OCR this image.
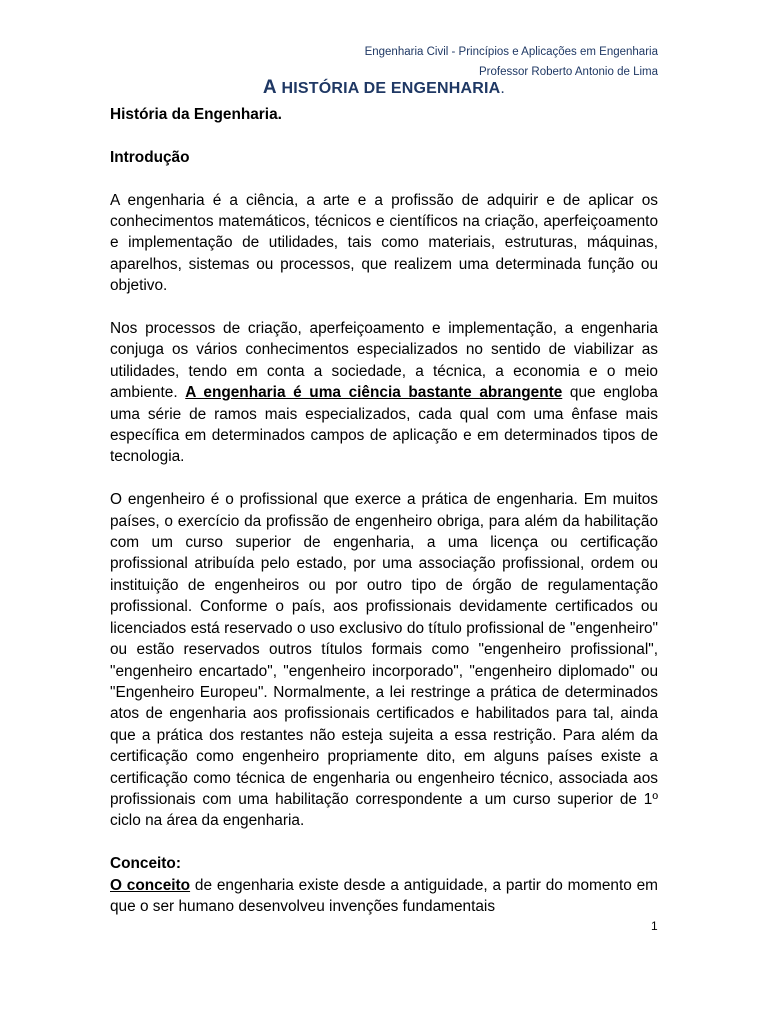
Engenharia Civil - Princípios e Aplicações em Engenharia
Professor Roberto Antonio de Lima
A HISTÓRIA DE ENGENHARIA.

História da Engenharia.

Introdução

A engenharia é a ciência, a arte e a profissão de adquirir e de aplicar os conhecimentos matemáticos, técnicos e científicos na criação, aperfeiçoamento e implementação de utilidades, tais como materiais, estruturas, máquinas, aparelhos, sistemas ou processos, que realizem uma determinada função ou objetivo.

Nos processos de criação, aperfeiçoamento e implementação, a engenharia conjuga os vários conhecimentos especializados no sentido de viabilizar as utilidades, tendo em conta a sociedade, a técnica, a economia e o meio ambiente. A engenharia é uma ciência bastante abrangente que engloba uma série de ramos mais especializados, cada qual com uma ênfase mais específica em determinados campos de aplicação e em determinados tipos de tecnologia.

O engenheiro é o profissional que exerce a prática de engenharia. Em muitos países, o exercício da profissão de engenheiro obriga, para além da habilitação com um curso superior de engenharia, a uma licença ou certificação profissional atribuída pelo estado, por uma associação profissional, ordem ou instituição de engenheiros ou por outro tipo de órgão de regulamentação profissional. Conforme o país, aos profissionais devidamente certificados ou licenciados está reservado o uso exclusivo do título profissional de "engenheiro" ou estão reservados outros títulos formais como "engenheiro profissional", "engenheiro encartado", "engenheiro incorporado", "engenheiro diplomado" ou "Engenheiro Europeu". Normalmente, a lei restringe a prática de determinados atos de engenharia aos profissionais certificados e habilitados para tal, ainda que a prática dos restantes não esteja sujeita a essa restrição. Para além da certificação como engenheiro propriamente dito, em alguns países existe a certificação como técnica de engenharia ou engenheiro técnico, associada aos profissionais com uma habilitação correspondente a um curso superior de 1º ciclo na área da engenharia.

Conceito:

O conceito de engenharia existe desde a antiguidade, a partir do momento em que o ser humano desenvolveu invenções fundamentais

1
